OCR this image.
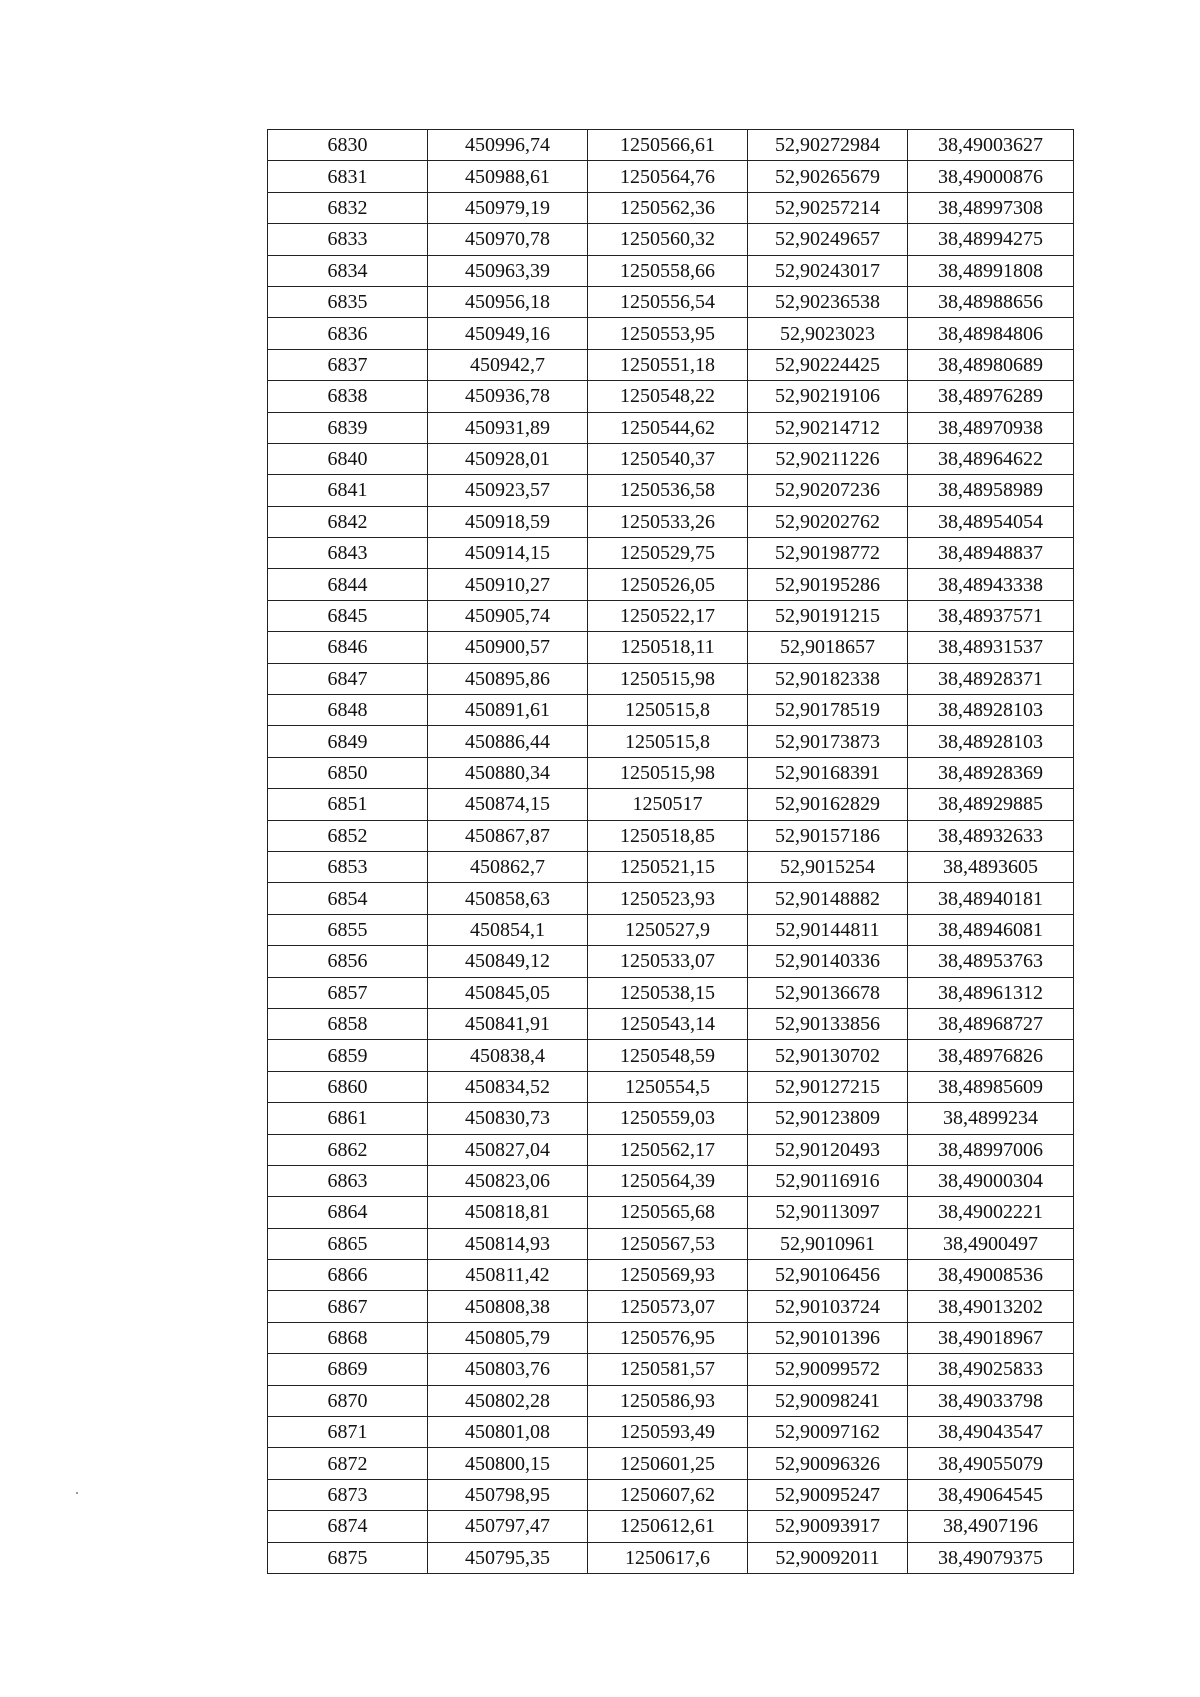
6830	450996,74	1250566,61	52,90272984	38,49003627
6831	450988,61	1250564,76	52,90265679	38,49000876
6832	450979,19	1250562,36	52,90257214	38,48997308
6833	450970,78	1250560,32	52,90249657	38,48994275
6834	450963,39	1250558,66	52,90243017	38,48991808
6835	450956,18	1250556,54	52,90236538	38,48988656
6836	450949,16	1250553,95	52,9023023	38,48984806
6837	450942,7	1250551,18	52,90224425	38,48980689
6838	450936,78	1250548,22	52,90219106	38,48976289
6839	450931,89	1250544,62	52,90214712	38,48970938
6840	450928,01	1250540,37	52,90211226	38,48964622
6841	450923,57	1250536,58	52,90207236	38,48958989
6842	450918,59	1250533,26	52,90202762	38,48954054
6843	450914,15	1250529,75	52,90198772	38,48948837
6844	450910,27	1250526,05	52,90195286	38,48943338
6845	450905,74	1250522,17	52,90191215	38,48937571
6846	450900,57	1250518,11	52,9018657	38,48931537
6847	450895,86	1250515,98	52,90182338	38,48928371
6848	450891,61	1250515,8	52,90178519	38,48928103
6849	450886,44	1250515,8	52,90173873	38,48928103
6850	450880,34	1250515,98	52,90168391	38,48928369
6851	450874,15	1250517	52,90162829	38,48929885
6852	450867,87	1250518,85	52,90157186	38,48932633
6853	450862,7	1250521,15	52,9015254	38,4893605
6854	450858,63	1250523,93	52,90148882	38,48940181
6855	450854,1	1250527,9	52,90144811	38,48946081
6856	450849,12	1250533,07	52,90140336	38,48953763
6857	450845,05	1250538,15	52,90136678	38,48961312
6858	450841,91	1250543,14	52,90133856	38,48968727
6859	450838,4	1250548,59	52,90130702	38,48976826
6860	450834,52	1250554,5	52,90127215	38,48985609
6861	450830,73	1250559,03	52,90123809	38,4899234
6862	450827,04	1250562,17	52,90120493	38,48997006
6863	450823,06	1250564,39	52,90116916	38,49000304
6864	450818,81	1250565,68	52,90113097	38,49002221
6865	450814,93	1250567,53	52,9010961	38,4900497
6866	450811,42	1250569,93	52,90106456	38,49008536
6867	450808,38	1250573,07	52,90103724	38,49013202
6868	450805,79	1250576,95	52,90101396	38,49018967
6869	450803,76	1250581,57	52,90099572	38,49025833
6870	450802,28	1250586,93	52,90098241	38,49033798
6871	450801,08	1250593,49	52,90097162	38,49043547
6872	450800,15	1250601,25	52,90096326	38,49055079
6873	450798,95	1250607,62	52,90095247	38,49064545
6874	450797,47	1250612,61	52,90093917	38,4907196
6875	450795,35	1250617,6	52,90092011	38,49079375
